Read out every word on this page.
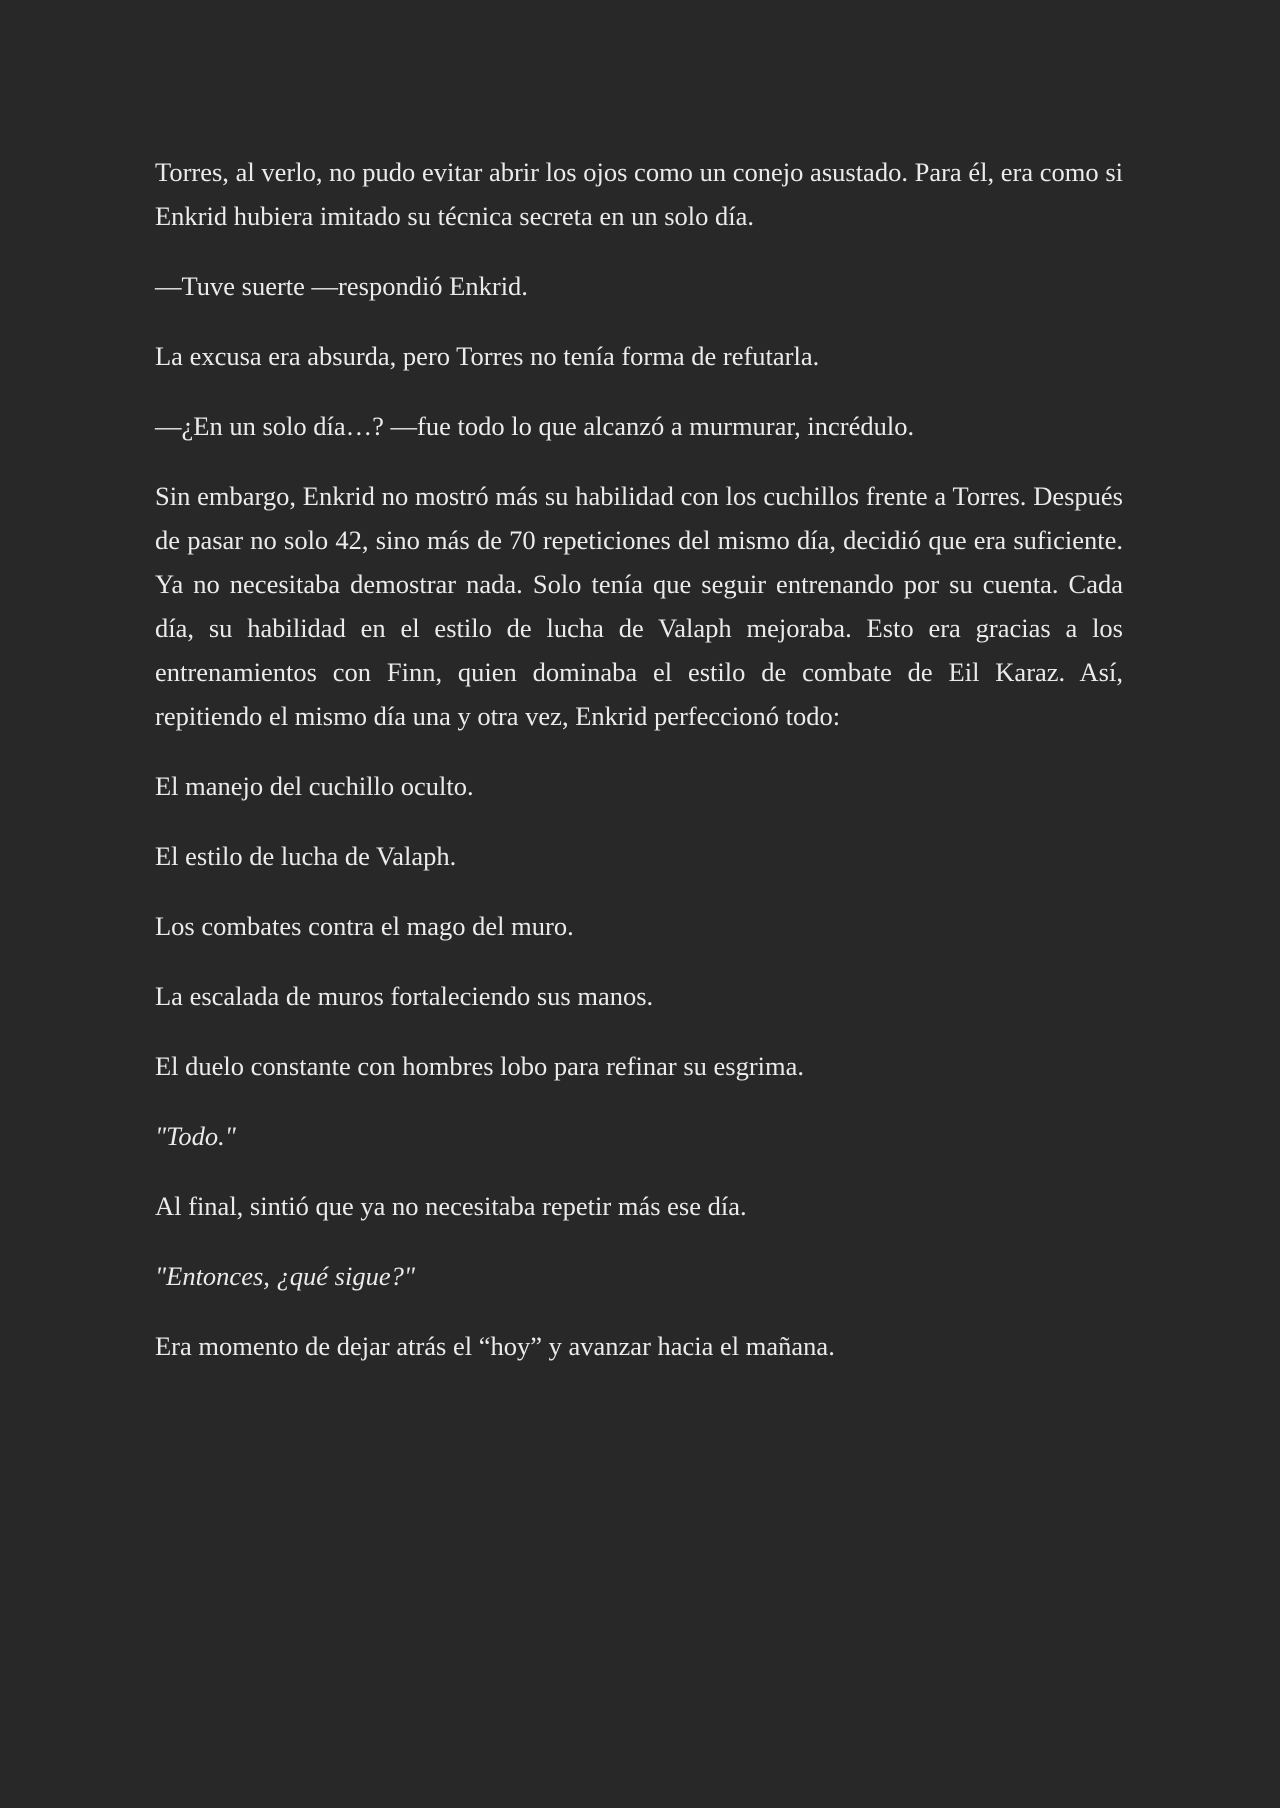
Torres, al verlo, no pudo evitar abrir los ojos como un conejo asustado. Para él, era como si Enkrid hubiera imitado su técnica secreta en un solo día.

—Tuve suerte —respondió Enkrid.

La excusa era absurda, pero Torres no tenía forma de refutarla.

—¿En un solo día…? —fue todo lo que alcanzó a murmurar, incrédulo.

Sin embargo, Enkrid no mostró más su habilidad con los cuchillos frente a Torres. Después de pasar no solo 42, sino más de 70 repeticiones del mismo día, decidió que era suficiente. Ya no necesitaba demostrar nada. Solo tenía que seguir entrenando por su cuenta. Cada día, su habilidad en el estilo de lucha de Valaph mejoraba. Esto era gracias a los entrenamientos con Finn, quien dominaba el estilo de combate de Eil Karaz. Así, repitiendo el mismo día una y otra vez, Enkrid perfeccionó todo:

El manejo del cuchillo oculto.

El estilo de lucha de Valaph.

Los combates contra el mago del muro.

La escalada de muros fortaleciendo sus manos.

El duelo constante con hombres lobo para refinar su esgrima.

"Todo."

Al final, sintió que ya no necesitaba repetir más ese día.

"Entonces, ¿qué sigue?"

Era momento de dejar atrás el “hoy” y avanzar hacia el mañana.
